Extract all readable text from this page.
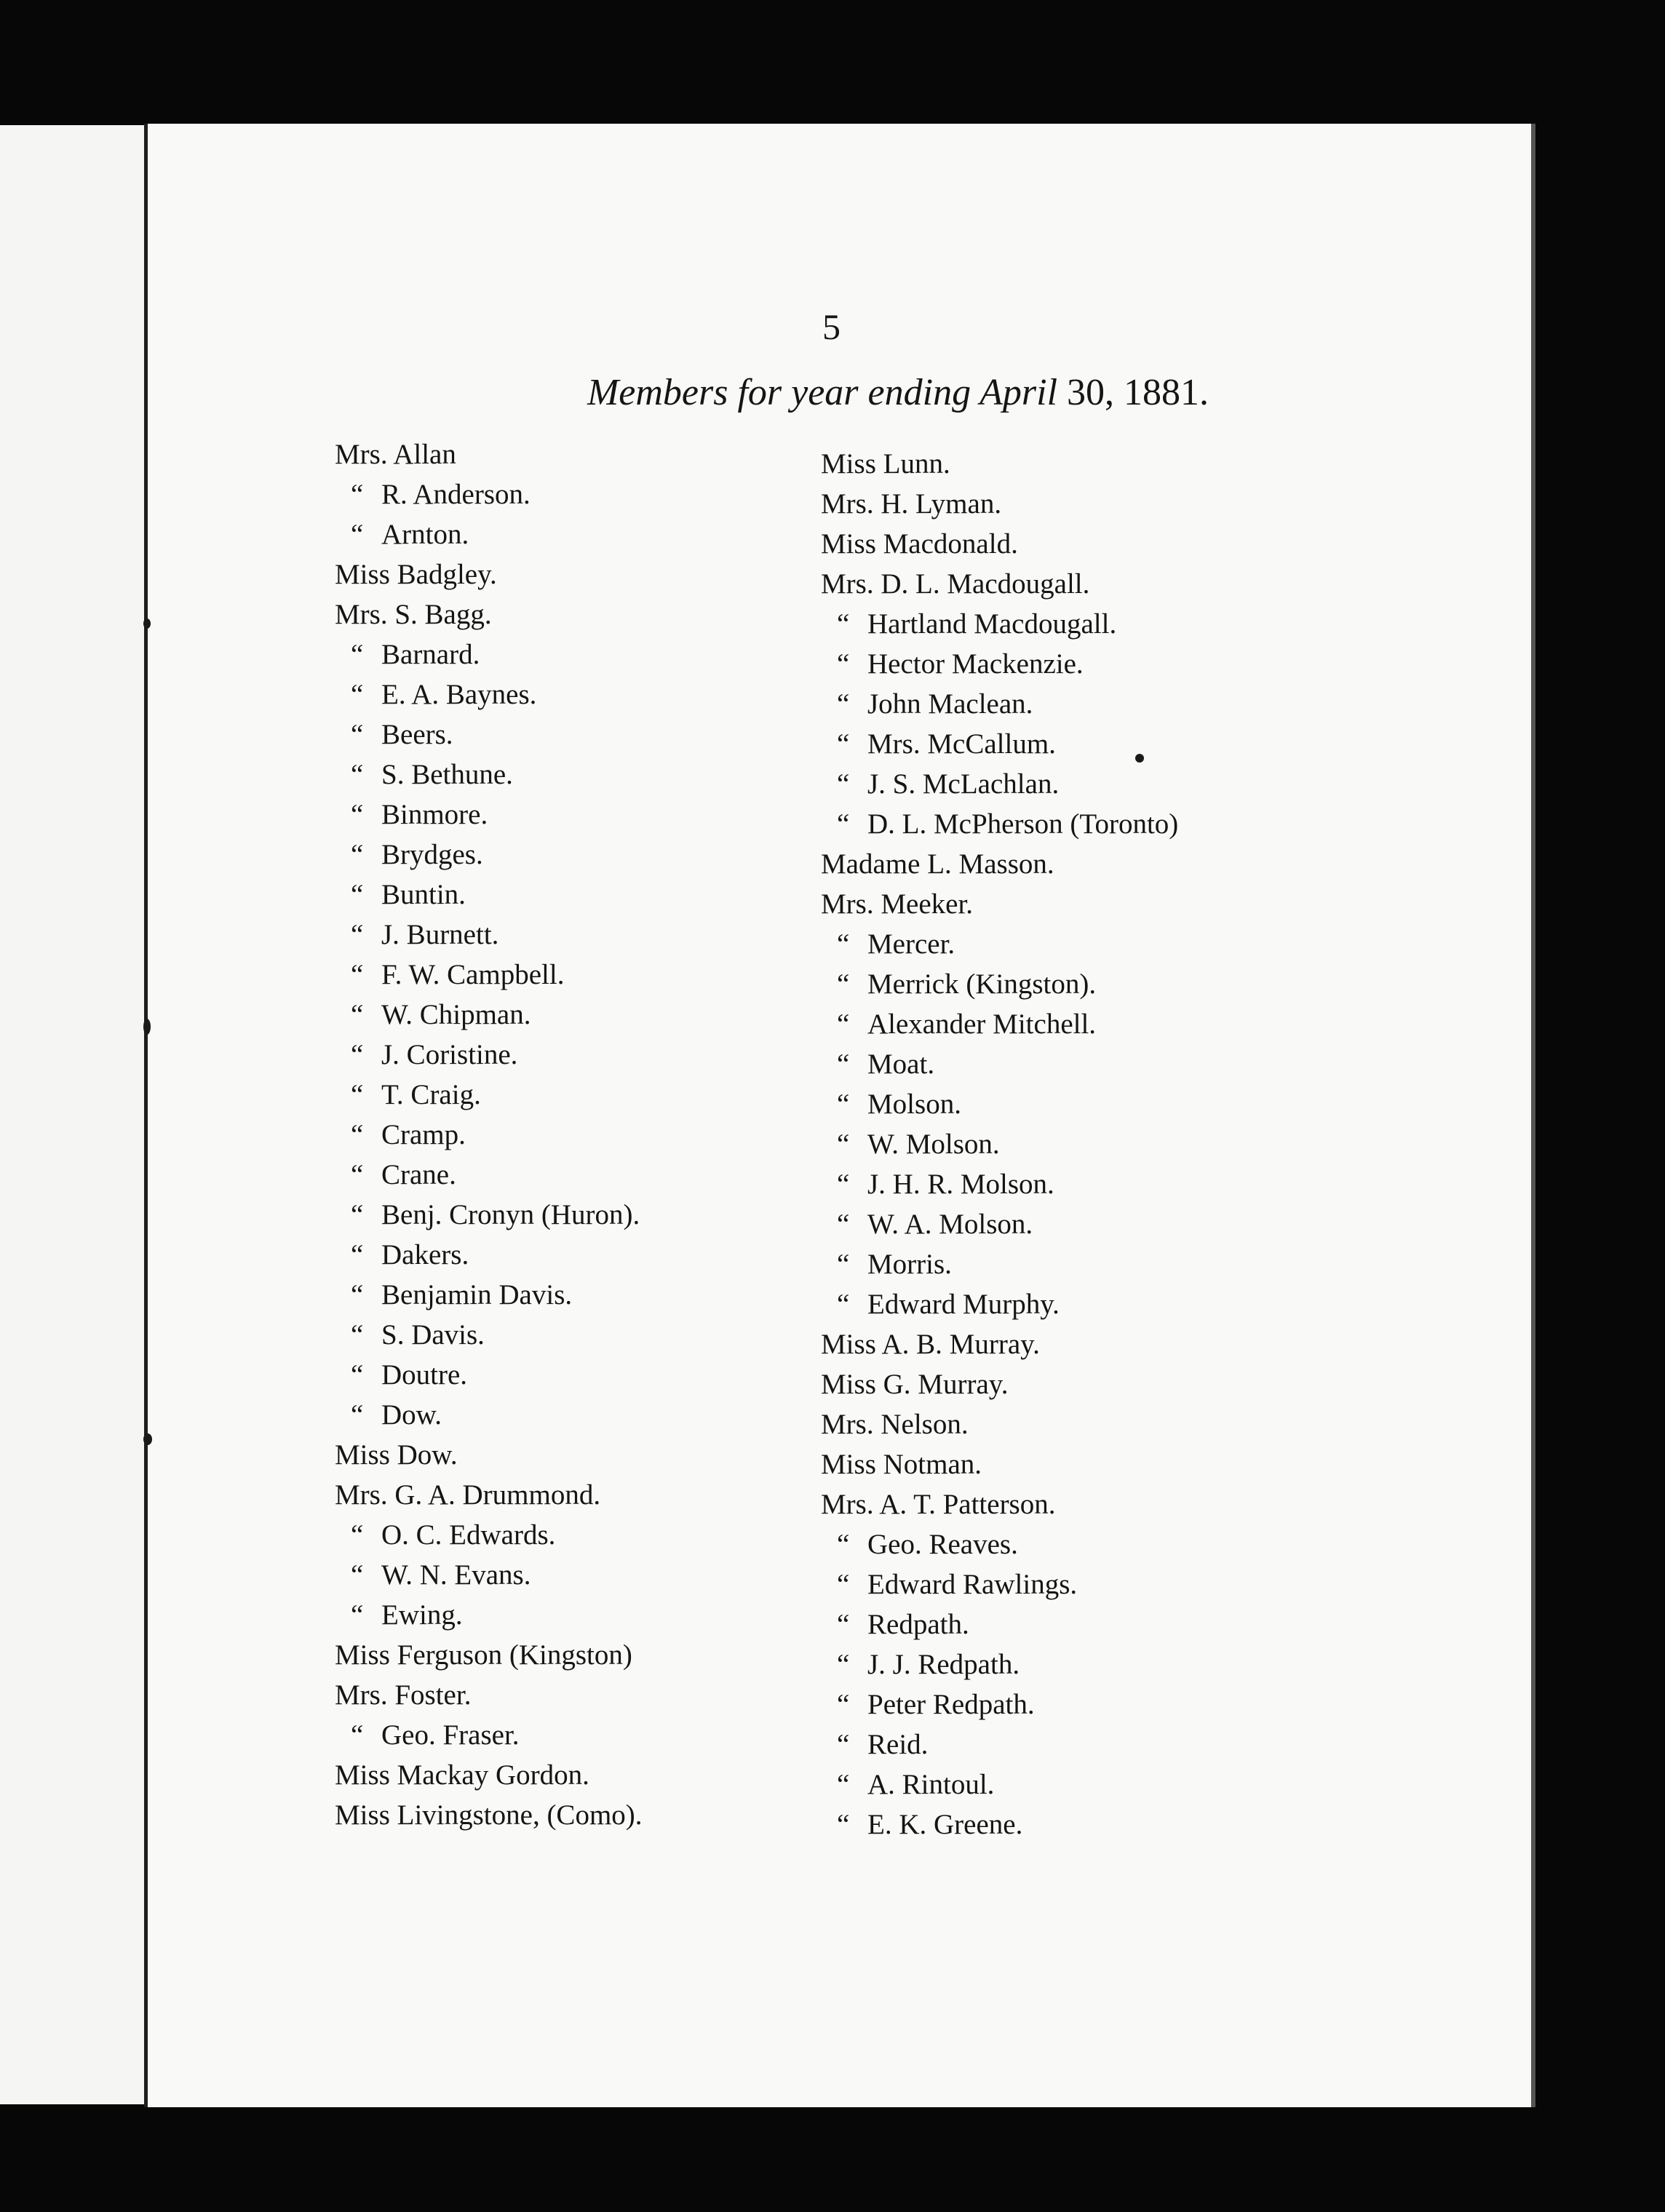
5
Members for year ending April 30, 1881.
Mrs. Allan
“ R. Anderson.
“ Arnton.
Miss Badgley.
Mrs. S. Bagg.
“ Barnard.
“ E. A. Baynes.
“ Beers.
“ S. Bethune.
“ Binmore.
“ Brydges.
“ Buntin.
“ J. Burnett.
“ F. W. Campbell.
“ W. Chipman.
“ J. Coristine.
“ T. Craig.
“ Cramp.
“ Crane.
“ Benj. Cronyn (Huron).
“ Dakers.
“ Benjamin Davis.
“ S. Davis.
“ Doutre.
“ Dow.
Miss Dow.
Mrs. G. A. Drummond.
“ O. C. Edwards.
“ W. N. Evans.
“ Ewing.
Miss Ferguson (Kingston)
Mrs. Foster.
“ Geo. Fraser.
Miss Mackay Gordon.
Miss Livingstone, (Como).
Miss Lunn.
Mrs. H. Lyman.
Miss Macdonald.
Mrs. D. L. Macdougall.
“ Hartland Macdougall.
“ Hector Mackenzie.
“ John Maclean.
“ Mrs. McCallum.
“ J. S. McLachlan.
“ D. L. McPherson (Toronto)
Madame L. Masson.
Mrs. Meeker.
“ Mercer.
“ Merrick (Kingston).
“ Alexander Mitchell.
“ Moat.
“ Molson.
“ W. Molson.
“ J. H. R. Molson.
“ W. A. Molson.
“ Morris.
“ Edward Murphy.
Miss A. B. Murray.
Miss G. Murray.
Mrs. Nelson.
Miss Notman.
Mrs. A. T. Patterson.
“ Geo. Reaves.
“ Edward Rawlings.
“ Redpath.
“ J. J. Redpath.
“ Peter Redpath.
“ Reid.
“ A. Rintoul.
“ E. K. Greene.
